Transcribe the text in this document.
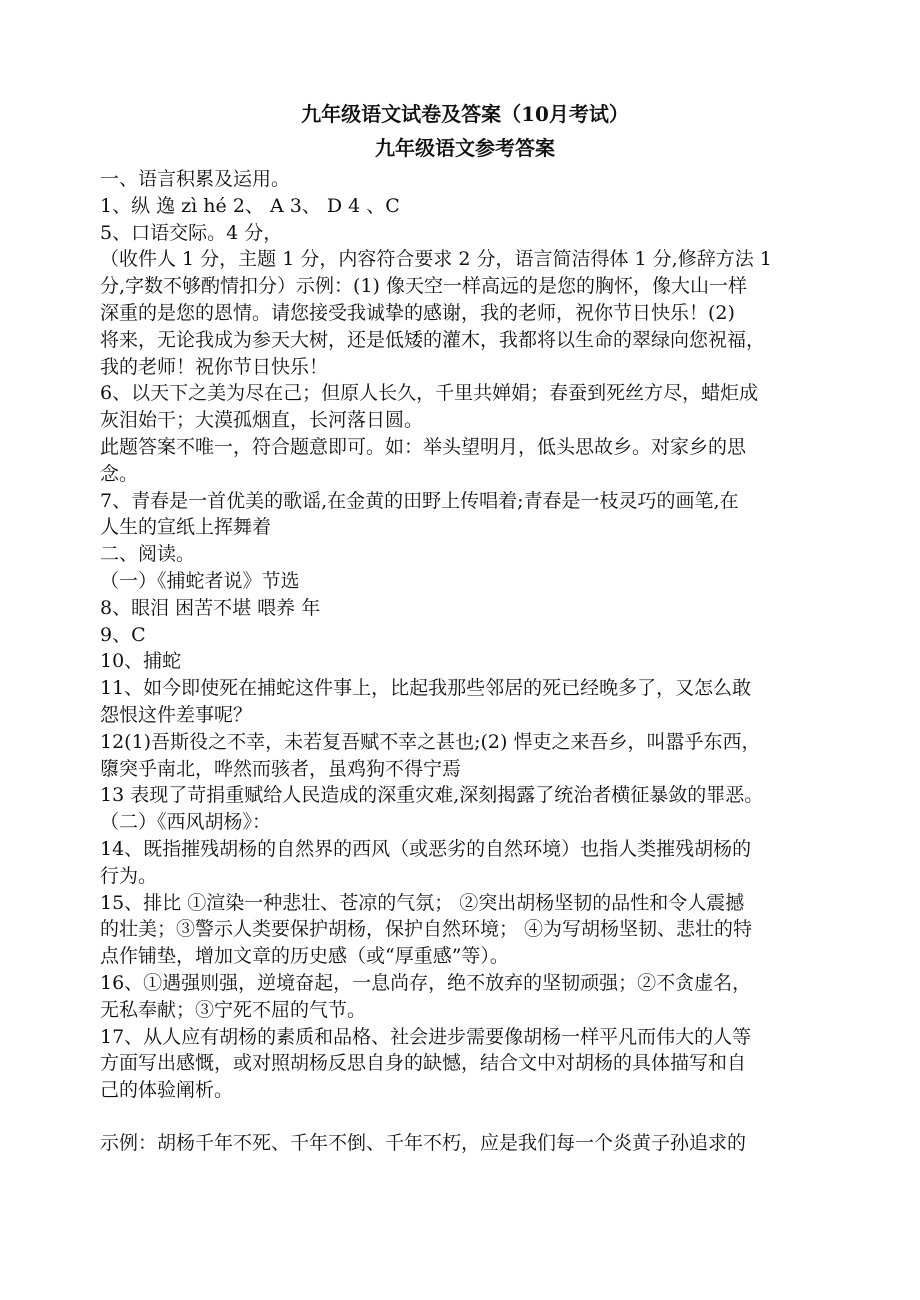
九年级语文试卷及答案（10月考试）

九年级语文参考答案

一、语言积累及运用。

1、纵 逸 zì hé 2、 A 3、 D 4 、C

5、口语交际。4 分，

（收件人 1 分，主题 1 分，内容符合要求 2 分，语言简洁得体 1 分,修辞方法 1

分,字数不够酌情扣分）示例：(1) 像天空一样高远的是您的胸怀，像大山一样

深重的是您的恩情。请您接受我诚挚的感谢，我的老师，祝你节日快乐！(2)

将来，无论我成为参天大树，还是低矮的灌木，我都将以生命的翠绿向您祝福，

我的老师！祝你节日快乐！

6、以天下之美为尽在己；但原人长久，千里共婵娟；春蚕到死丝方尽，蜡炬成

灰泪始干；大漠孤烟直，长河落日圆。

此题答案不唯一，符合题意即可。如：举头望明月，低头思故乡。对家乡的思

念。

7、青春是一首优美的歌谣,在金黄的田野上传唱着;青春是一枝灵巧的画笔,在

人生的宣纸上挥舞着

二、阅读。

（一）《捕蛇者说》节选

8、眼泪 困苦不堪 喂养 年

9、C

10、捕蛇

11、如今即使死在捕蛇这件事上，比起我那些邻居的死已经晚多了，又怎么敢

怨恨这件差事呢？

12(1)吾斯役之不幸，未若复吾赋不幸之甚也;(2) 悍吏之来吾乡，叫嚣乎东西，

隳突乎南北，哗然而骇者，虽鸡狗不得宁焉

13 表现了苛捐重赋给人民造成的深重灾难,深刻揭露了统治者横征暴敛的罪恶。

（二）《西风胡杨》：

14、既指摧残胡杨的自然界的西风（或恶劣的自然环境）也指人类摧残胡杨的

行为。

15、排比 ①渲染一种悲壮、苍凉的气氛； ②突出胡杨坚韧的品性和令人震撼

的壮美；③警示人类要保护胡杨，保护自然环境； ④为写胡杨坚韧、悲壮的特

点作铺垫，增加文章的历史感（或“厚重感”等）。

16、①遇强则强，逆境奋起，一息尚存，绝不放弃的坚韧顽强；②不贪虚名，

无私奉献；③宁死不屈的气节。

17、从人应有胡杨的素质和品格、社会进步需要像胡杨一样平凡而伟大的人等

方面写出感慨，或对照胡杨反思自身的缺憾，结合文中对胡杨的具体描写和自

己的体验阐析。

示例：胡杨千年不死、千年不倒、千年不朽，应是我们每一个炎黄子孙追求的
